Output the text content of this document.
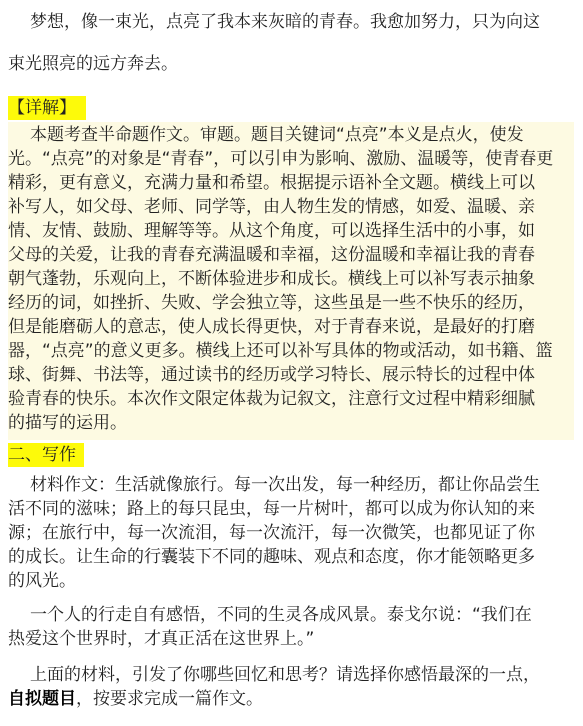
梦想，像一束光，点亮了我本来灰暗的青春。我愈加努力，只为向这
束光照亮的远方奔去。
【详解】
本题考查半命题作文。审题。题目关键词“点亮”本义是点火，使发
光。“点亮”的对象是“青春”，可以引申为影响、激励、温暖等，使青春更
精彩，更有意义，充满力量和希望。根据提示语补全文题。横线上可以
补写人，如父母、老师、同学等，由人物生发的情感，如爱、温暖、亲
情、友情、鼓励、理解等等。从这个角度，可以选择生活中的小事，如
父母的关爱，让我的青春充满温暖和幸福，这份温暖和幸福让我的青春
朝气蓬勃，乐观向上，不断体验进步和成长。横线上可以补写表示抽象
经历的词，如挫折、失败、学会独立等，这些虽是一些不快乐的经历，
但是能磨砺人的意志，使人成长得更快，对于青春来说，是最好的打磨
器，“点亮”的意义更多。横线上还可以补写具体的物或活动，如书籍、篮
球、街舞、书法等，通过读书的经历或学习特长、展示特长的过程中体
验青春的快乐。本次作文限定体裁为记叙文，注意行文过程中精彩细腻
的描写的运用。
二、写作
材料作文：生活就像旅行。每一次出发，每一种经历，都让你品尝生
活不同的滋味；路上的每只昆虫，每一片树叶，都可以成为你认知的来
源；在旅行中，每一次流泪，每一次流汗，每一次微笑，也都见证了你
的成长。让生命的行囊装下不同的趣味、观点和态度，你才能领略更多
的风光。
一个人的行走自有感悟，不同的生灵各成风景。泰戈尔说：“我们在
热爱这个世界时，才真正活在这世界上。”
上面的材料，引发了你哪些回忆和思考？请选择你感悟最深的一点，
自拟题目，按要求完成一篇作文。
